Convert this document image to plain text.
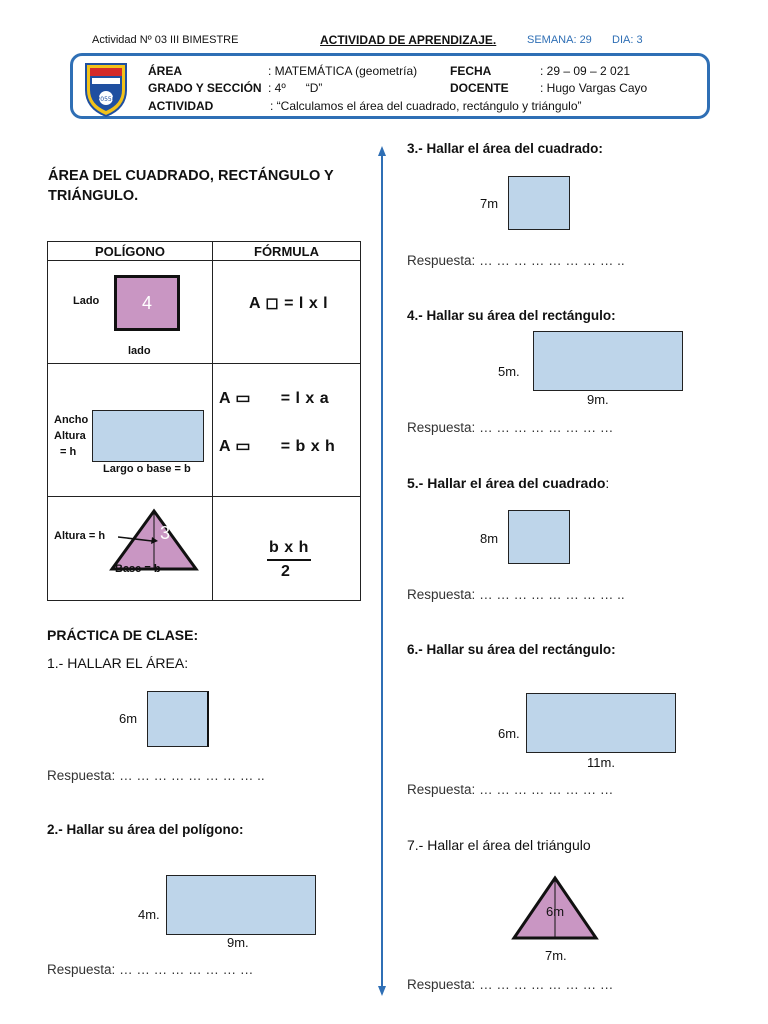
Actividad Nº 03 III BIMESTRE	ACTIVIDAD DE APRENDIZAJE.	SEMANA: 29 DIA: 3
20550
ÁREA	: MATEMÁTICA (geometría)	FECHA	: 29 – 09 – 2 021
GRADO Y SECCIÓN : 4º      “D”	DOCENTE	: Hugo Vargas Cayo
ACTIVIDAD	: “Calculamos el área del cuadrado, rectángulo y triángulo”
ÁREA DEL CUADRADO, RECTÁNGULO Y TRIÁNGULO.
POLÍGONO	FÓRMULA

Lado 4
lado	A ◻ = l x l

Ancho
Altura
= h
Largo o base = b	A ▭      = l x a
A ▭      = b x h

3
Altura = h
Base = b	b x h
2
PRÁCTICA DE CLASE:
1.- HALLAR EL ÁREA:
6m
Respuesta: … … … … … … … … ..
2.- Hallar su área del polígono:
4m.
9m.
Respuesta: … … … … … … … …
3.- Hallar el área del cuadrado:
7m
Respuesta: … … … … … … … … ..
4.- Hallar su área del rectángulo:
5m.
9m.
Respuesta: … … … … … … … …
5.- Hallar el área del cuadrado:
8m
Respuesta: … … … … … … … … ..
6.- Hallar su área del rectángulo:
6m.
11m.
Respuesta: … … … … … … … …
7.- Hallar el área del triángulo
6m
7m.
Respuesta: … … … … … … … …
